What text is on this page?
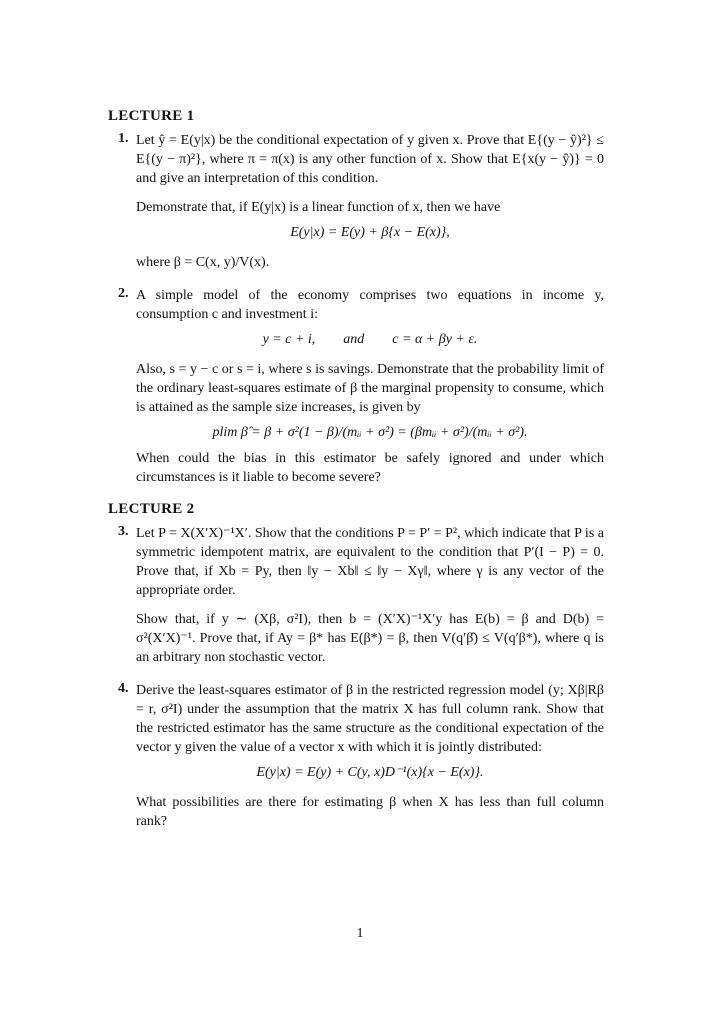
LECTURE 1
1. Let ŷ = E(y|x) be the conditional expectation of y given x. Prove that E{(y − ŷ)²} ≤ E{(y − π)²}, where π = π(x) is any other function of x. Show that E{x(y − ŷ)} = 0 and give an interpretation of this condition.

Demonstrate that, if E(y|x) is a linear function of x, then we have

E(y|x) = E(y) + β{x − E(x)},

where β = C(x, y)/V(x).

2. A simple model of the economy comprises two equations in income y, consumption c and investment i:

y = c + i,        and        c = α + βy + ε.

Also, s = y − c or s = i, where s is savings. Demonstrate that the probability limit of the ordinary least-squares estimate of β the marginal propensity to consume, which is attained as the sample size increases, is given by

plim β̂ = β + σ²(1 − β)/(mᵢᵢ + σ²) = (βmᵢᵢ + σ²)/(mᵢᵢ + σ²).

When could the bias in this estimator be safely ignored and under which circumstances is it liable to become severe?

LECTURE 2
3. Let P = X(X′X)⁻¹X′. Show that the conditions P = P′ = P², which indicate that P is a symmetric idempotent matrix, are equivalent to the condition that P′(I − P) = 0. Prove that, if Xb = Py, then ‖y − Xb‖ ≤ ‖y − Xγ‖, where γ is any vector of the appropriate order.

Show that, if y ∼ (Xβ, σ²I), then b = (X′X)⁻¹X′y has E(b) = β and D(b) = σ²(X′X)⁻¹. Prove that, if Ay = β* has E(β*) = β, then V(q′β̂) ≤ V(q′β*), where q is an arbitrary non stochastic vector.

4. Derive the least-squares estimator of β in the restricted regression model (y; Xβ|Rβ = r, σ²I) under the assumption that the matrix X has full column rank. Show that the restricted estimator has the same structure as the conditional expectation of the vector y given the value of a vector x with which it is jointly distributed:

E(y|x) = E(y) + C(y, x)D⁻¹(x){x − E(x)}.

What possibilities are there for estimating β when X has less than full column rank?

1
